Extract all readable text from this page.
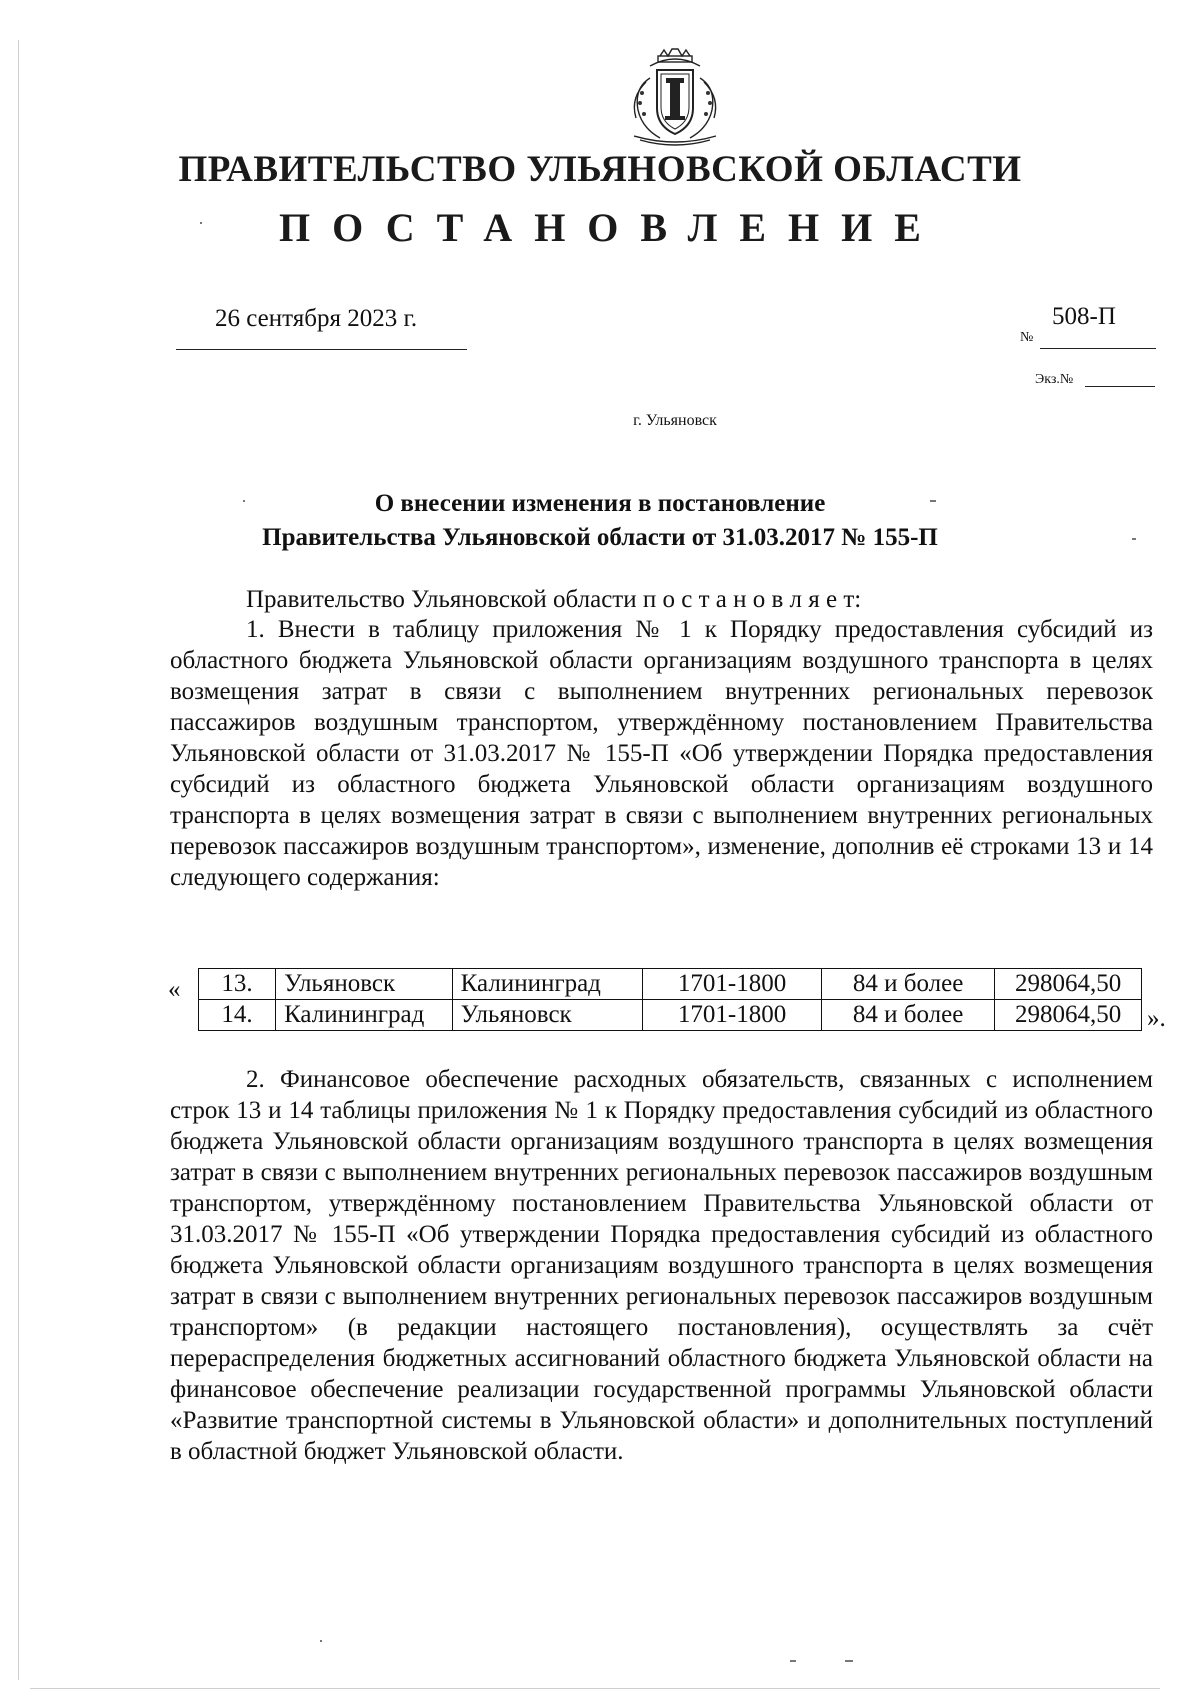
ПРАВИТЕЛЬСТВО УЛЬЯНОВСКОЙ ОБЛАСТИ
ПОСТАНОВЛЕНИЕ
26 сентября 2023 г.
№
508-П
Экз.№
г. Ульяновск
О внесении изменения в постановление
Правительства Ульяновской области от 31.03.2017 № 155-П
Правительство Ульяновской области п о с т а н о в л я е т:
1. Внести в таблицу приложения № 1 к Порядку предоставления субсидий из областного бюджета Ульяновской области организациям воздушного транспорта в целях возмещения затрат в связи с выполнением внутренних региональных перевозок пассажиров воздушным транспортом, утверждённому постановлением Правительства Ульяновской области от 31.03.2017 № 155-П «Об утверждении Порядка предоставления субсидий из областного бюджета Ульяновской области организациям воздушного транспорта в целях возмещения затрат в связи с выполнением внутренних региональных перевозок пассажиров воздушным транспортом», изменение, дополнив её строками 13 и 14 следующего содержания:
« 13.	Ульяновск	Калининград	1701-1800	84 и более	298064,50
14.	Калининград	Ульяновск	1701-1800	84 и более	298064,50 ».
2. Финансовое обеспечение расходных обязательств, связанных с исполнением строк 13 и 14 таблицы приложения № 1 к Порядку предоставления субсидий из областного бюджета Ульяновской области организациям воздушного транспорта в целях возмещения затрат в связи с выполнением внутренних региональных перевозок пассажиров воздушным транспортом, утверждённому постановлением Правительства Ульяновской области от 31.03.2017 № 155-П «Об утверждении Порядка предоставления субсидий из областного бюджета Ульяновской области организациям воздушного транспорта в целях возмещения затрат в связи с выполнением внутренних региональных перевозок пассажиров воздушным транспортом» (в редакции настоящего постановления), осуществлять за счёт перераспределения бюджетных ассигнований областного бюджета Ульяновской области на финансовое обеспечение реализации государственной программы Ульяновской области «Развитие транспортной системы в Ульяновской области» и дополнительных поступлений в областной бюджет Ульяновской области.
